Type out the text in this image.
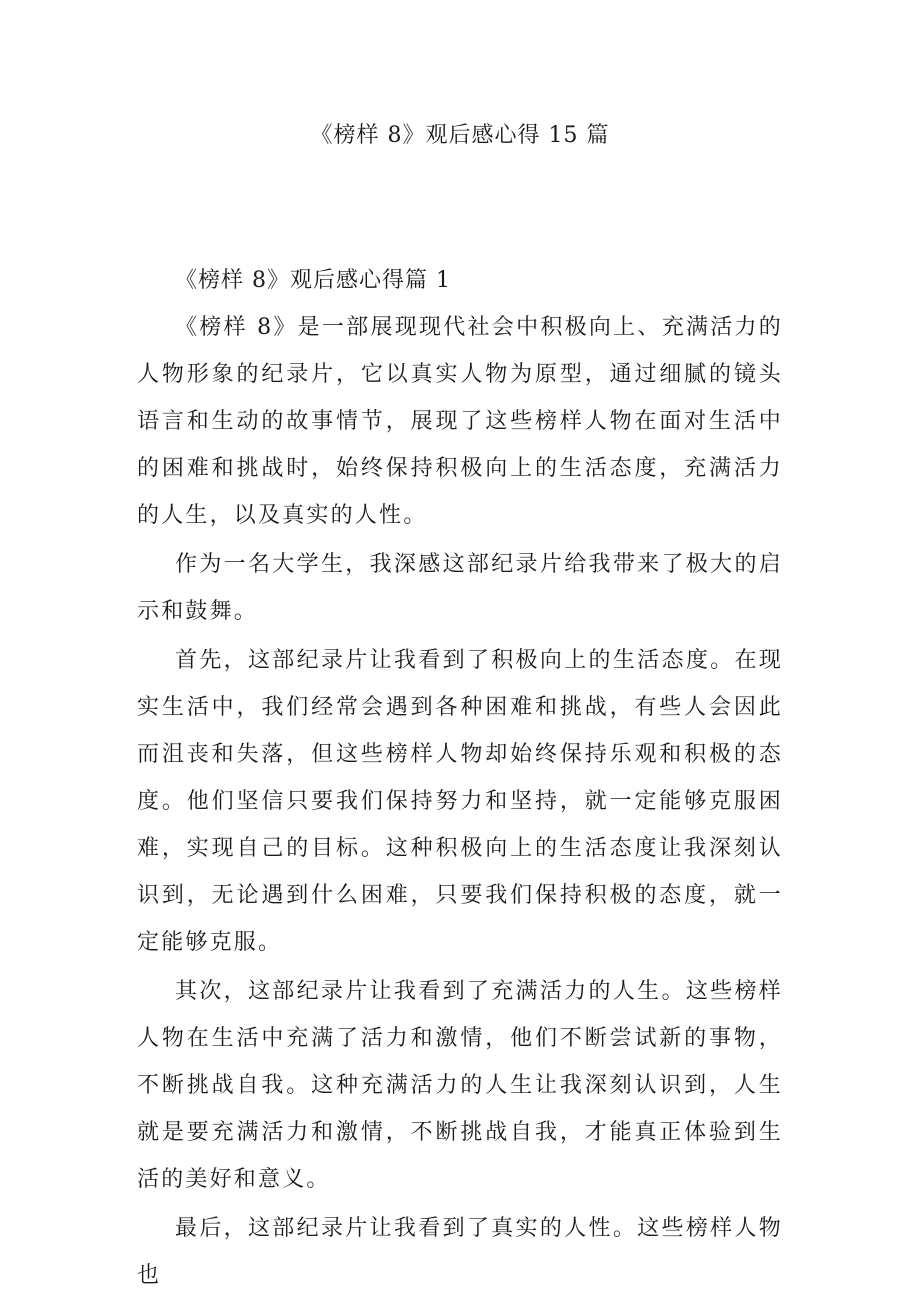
《榜样 8》观后感心得 15 篇
《榜样 8》观后感心得篇 1

《榜样 8》是一部展现现代社会中积极向上、充满活力的人物形象的纪录片，它以真实人物为原型，通过细腻的镜头语言和生动的故事情节，展现了这些榜样人物在面对生活中的困难和挑战时，始终保持积极向上的生活态度，充满活力的人生，以及真实的人性。

作为一名大学生，我深感这部纪录片给我带来了极大的启示和鼓舞。

首先，这部纪录片让我看到了积极向上的生活态度。在现实生活中，我们经常会遇到各种困难和挑战，有些人会因此而沮丧和失落，但这些榜样人物却始终保持乐观和积极的态度。他们坚信只要我们保持努力和坚持，就一定能够克服困难，实现自己的目标。这种积极向上的生活态度让我深刻认识到，无论遇到什么困难，只要我们保持积极的态度，就一定能够克服。

其次，这部纪录片让我看到了充满活力的人生。这些榜样人物在生活中充满了活力和激情，他们不断尝试新的事物，不断挑战自我。这种充满活力的人生让我深刻认识到，人生就是要充满活力和激情，不断挑战自我，才能真正体验到生活的美好和意义。

最后，这部纪录片让我看到了真实的人性。这些榜样人物也
